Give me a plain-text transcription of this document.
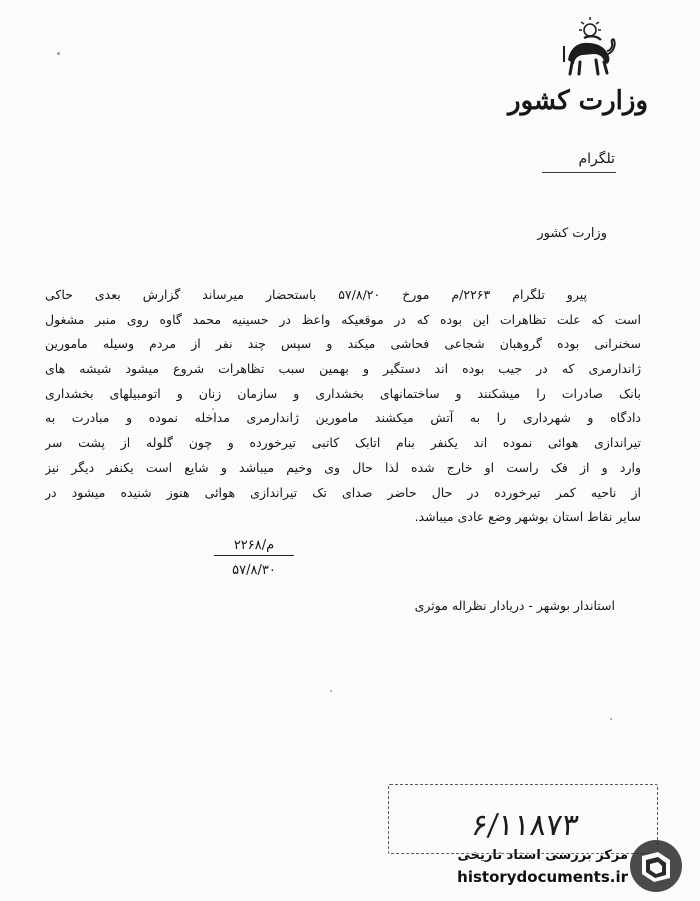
وزارت کشور
تلگرام
وزارت کشور
پیرو تلگرام ۲۲۶۳/م مورخ ۵۷/۸/۲۰ باستحضار میرساند گزارش بعدی حاکی
است که علت تظاهرات این بوده که در موقعیکه واعظ در حسینیه محمد گاوه روی منبر مشغول
سخنرانی بوده گروهبان شجاعی فحاشی میکند و سپس چند نفر از مردم وسیله مامورین
ژاندارمری که در جیب بوده اند دستگیر و بهمین سبب تظاهرات شروع میشود شیشه های
بانک صادرات را میشکنند و ساختمانهای بخشداری و سازمان زنان و اتومبیلهای بخشداری
دادگاه و شهرداری را به آتش میکشند مامورین ژاندارمری مداخله نموده و مبادرت به
تیراندازی هوائی نموده اند یکنفر بنام اتابک کاتبی تیرخورده و چون گلوله از پشت سر
وارد و از فک راست او خارج شده لذا حال وی وخیم میباشد و شایع است یکنفر دیگر نیز
از ناحیه کمر تیرخورده در حال حاضر صدای تک تیراندازی هوائی هنوز شنیده میشود در
سایر نقاط استان بوشهر وضع عادی میباشد.
۲۲۶۸/م
۵۷/۸/۳۰
استاندار بوشهر - دریادار نظراله موثری
۶/۱۱۸۷۳
مرکز بررسی اسناد تاریخی
historydocuments.ir
